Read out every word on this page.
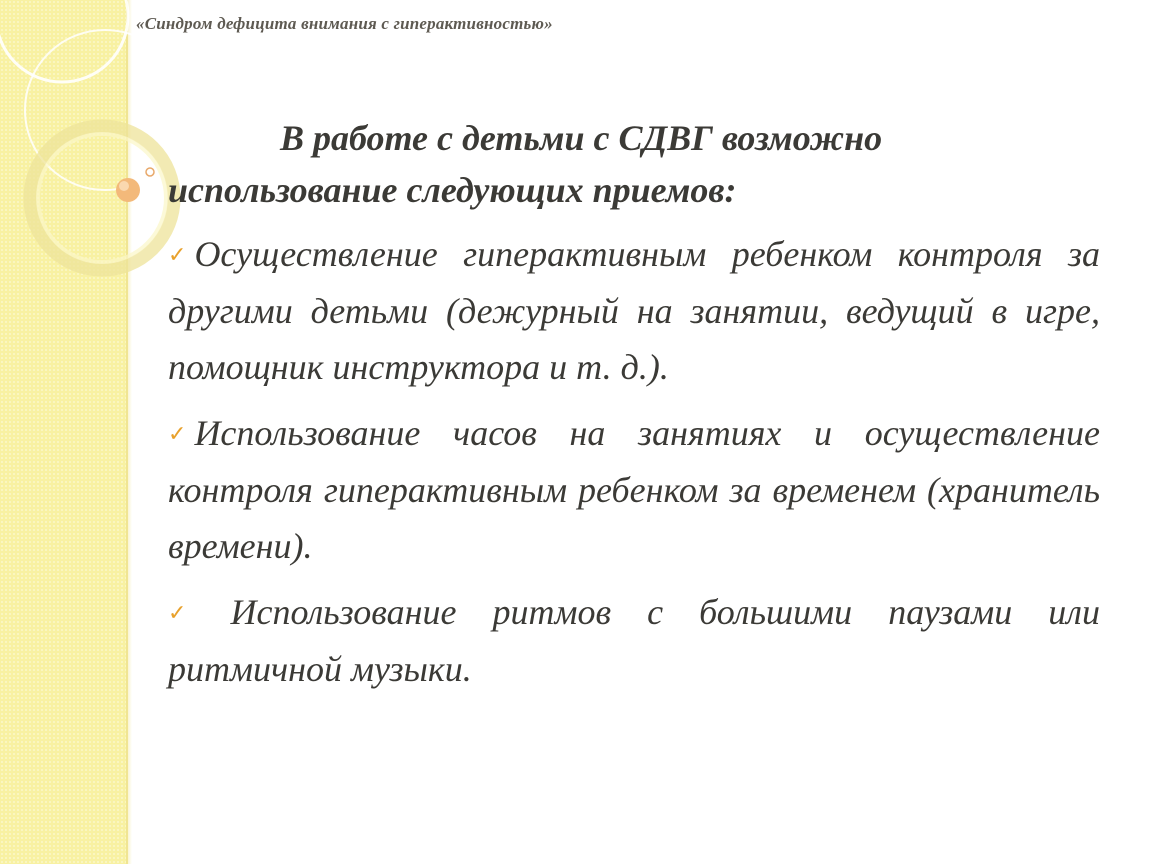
«Синдром дефицита внимания с гиперактивностью»

В работе с детьми с СДВГ возможно использование следующих приемов:

✓ Осуществление гиперактивным ребенком контроля за другими детьми (дежурный на занятии, ведущий в игре, помощник инструктора и т. д.).

✓ Использование часов на занятиях и осуществление контроля гиперактивным ребенком за временем (хранитель времени).

✓ Использование ритмов с большими паузами или ритмичной музыки.
